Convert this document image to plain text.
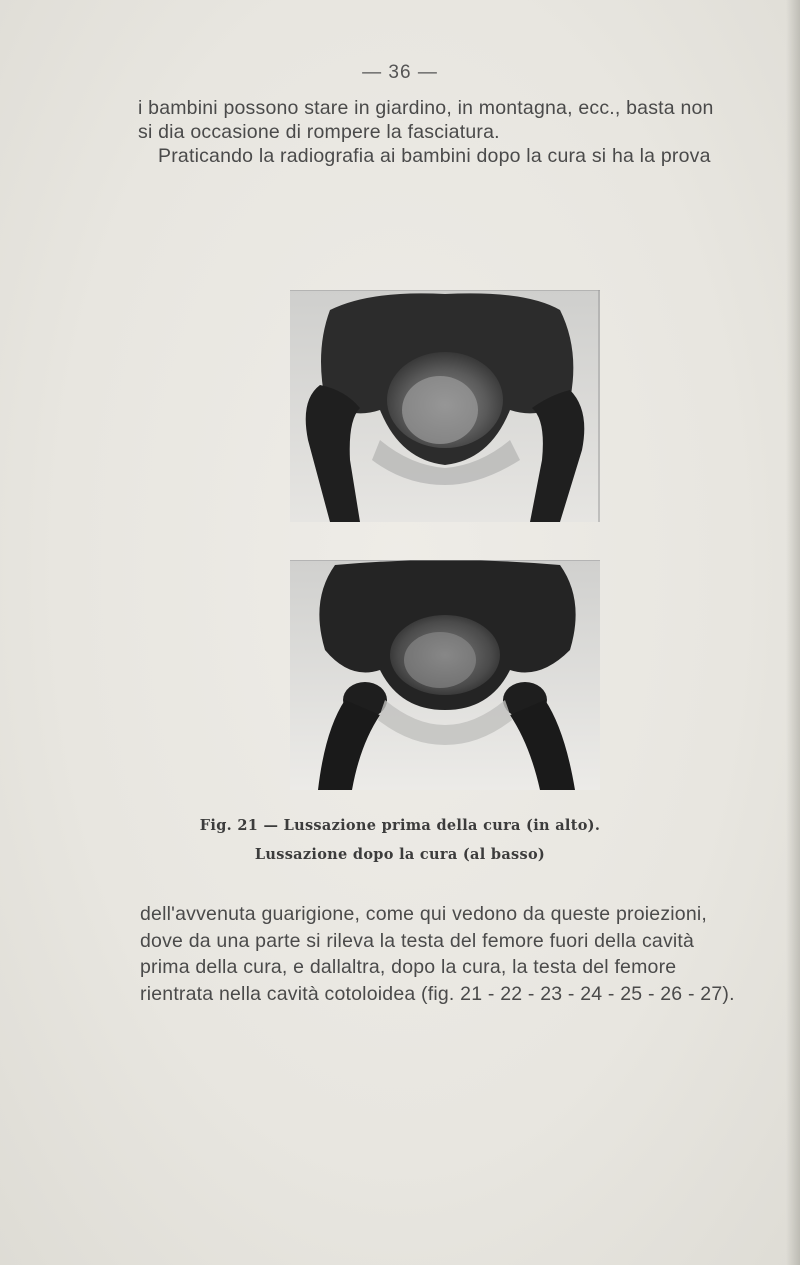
— 36 —
i bambini possono stare in giardino, in montagna, ecc., basta non
si dia occasione di rompere la fasciatura.
Praticando la radiografia ai bambini dopo la cura si ha la prova
Fig. 21 — Lussazione prima della cura (in alto).
Lussazione dopo la cura (al basso)
dell'avvenuta guarigione, come qui vedono da queste proiezioni,
dove da una parte si rileva la testa del femore fuori della cavità
prima della cura, e dallaltra, dopo la cura, la testa del femore
rientrata nella cavità cotoloidea (fig. 21 - 22 - 23 - 24 - 25 - 26 - 27).
